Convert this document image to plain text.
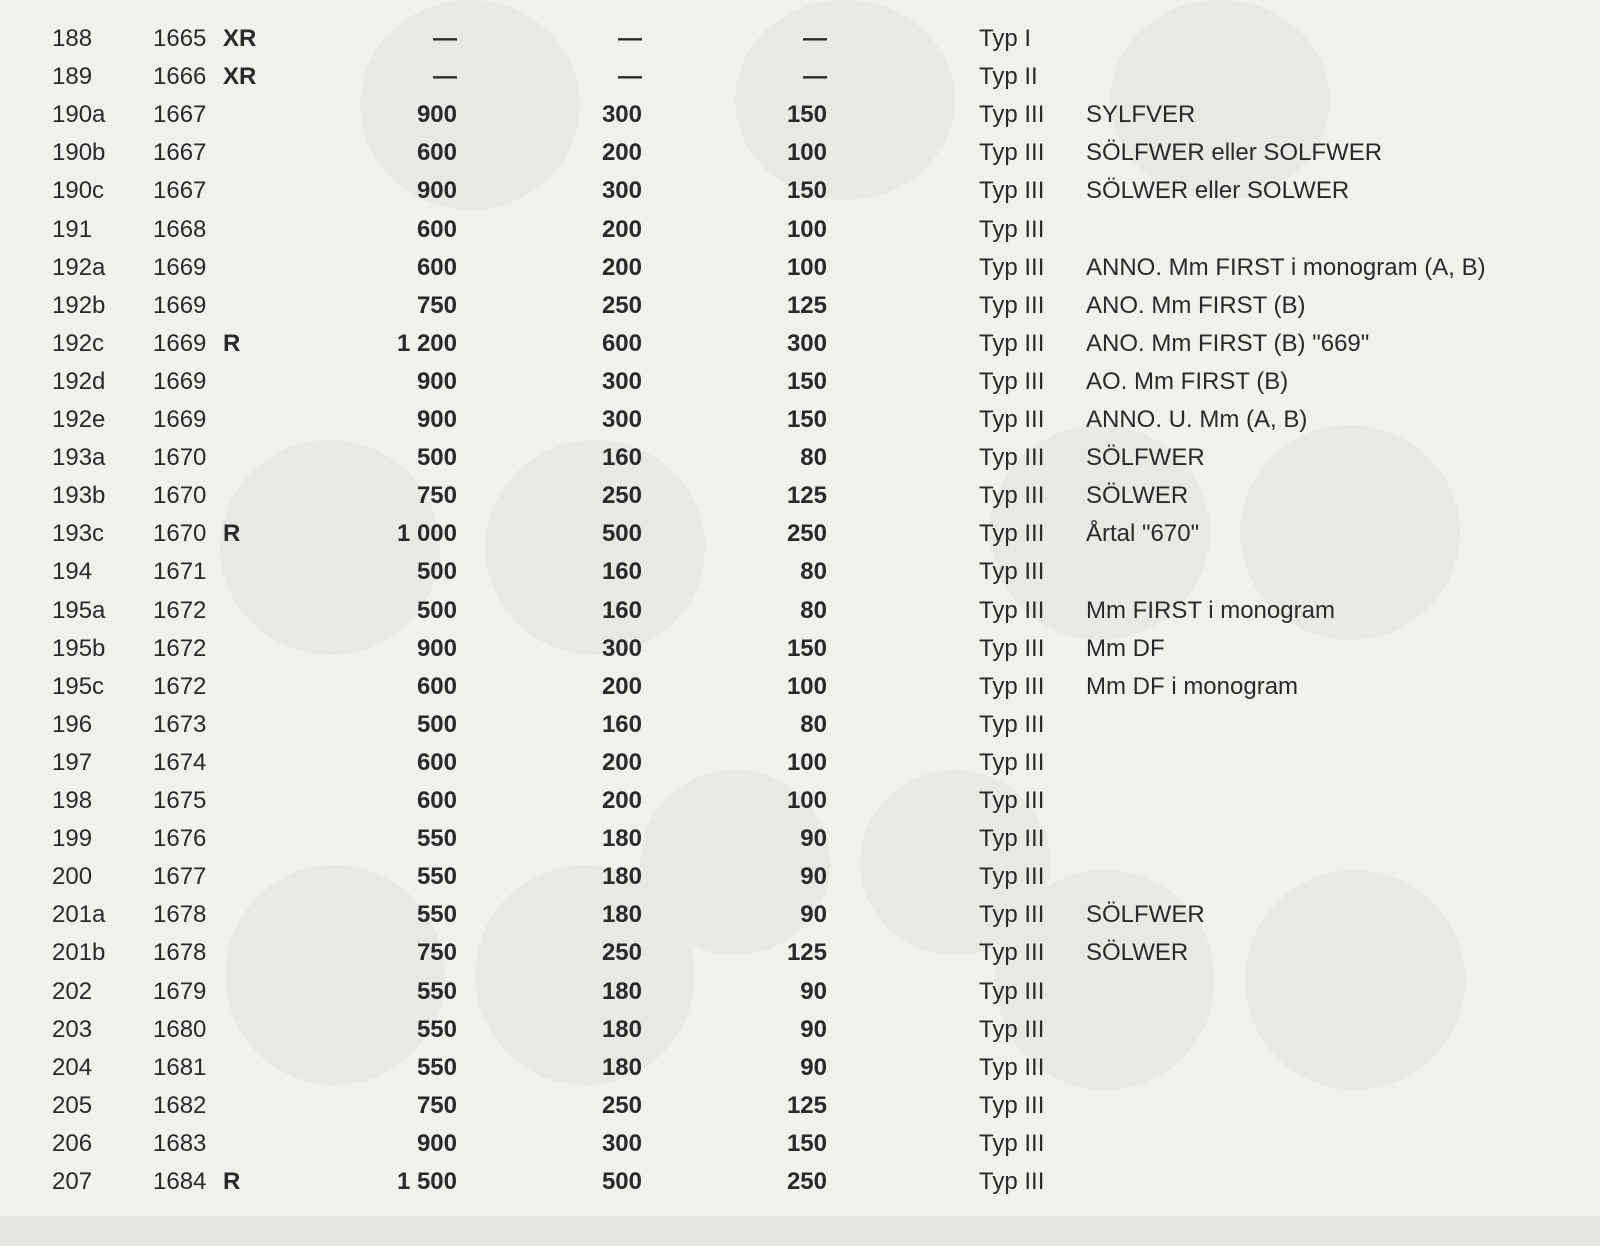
188	1665 XR	—	—	—	Typ I
189	1666 XR	—	—	—	Typ II
190a 1667	900	300	150	Typ III SYLFVER
190b 1667	600	200	100	Typ III SÖLFWER eller SOLFWER
190c 1667	900	300	150	Typ III SÖLWER eller SOLWER
191	1668	600	200	100	Typ III
192a 1669	600	200	100	Typ III ANNO. Mm FIRST i monogram (A, B)
192b 1669	750	250	125	Typ III ANO. Mm FIRST (B)
192c 1669 R	1 200	600	300	Typ III ANO. Mm FIRST (B) "669"
192d 1669	900	300	150	Typ III AO. Mm FIRST (B)
192e 1669	900	300	150	Typ III ANNO. U. Mm (A, B)
193a 1670	500	160	80	Typ III SÖLFWER
193b 1670	750	250	125	Typ III SÖLWER
193c 1670 R	1 000	500	250	Typ III Årtal "670"
194	1671	500	160	80	Typ III
195a 1672	500	160	80	Typ III Mm FIRST i monogram
195b 1672	900	300	150	Typ III Mm DF
195c 1672	600	200	100	Typ III Mm DF i monogram
196	1673	500	160	80	Typ III
197	1674	600	200	100	Typ III
198	1675	600	200	100	Typ III
199	1676	550	180	90	Typ III
200	1677	550	180	90	Typ III
201a 1678	550	180	90	Typ III SÖLFWER
201b 1678	750	250	125	Typ III SÖLWER
202	1679	550	180	90	Typ III
203	1680	550	180	90	Typ III
204	1681	550	180	90	Typ III
205	1682	750	250	125	Typ III
206	1683	900	300	150	Typ III
207	1684 R	1 500	500	250	Typ III
